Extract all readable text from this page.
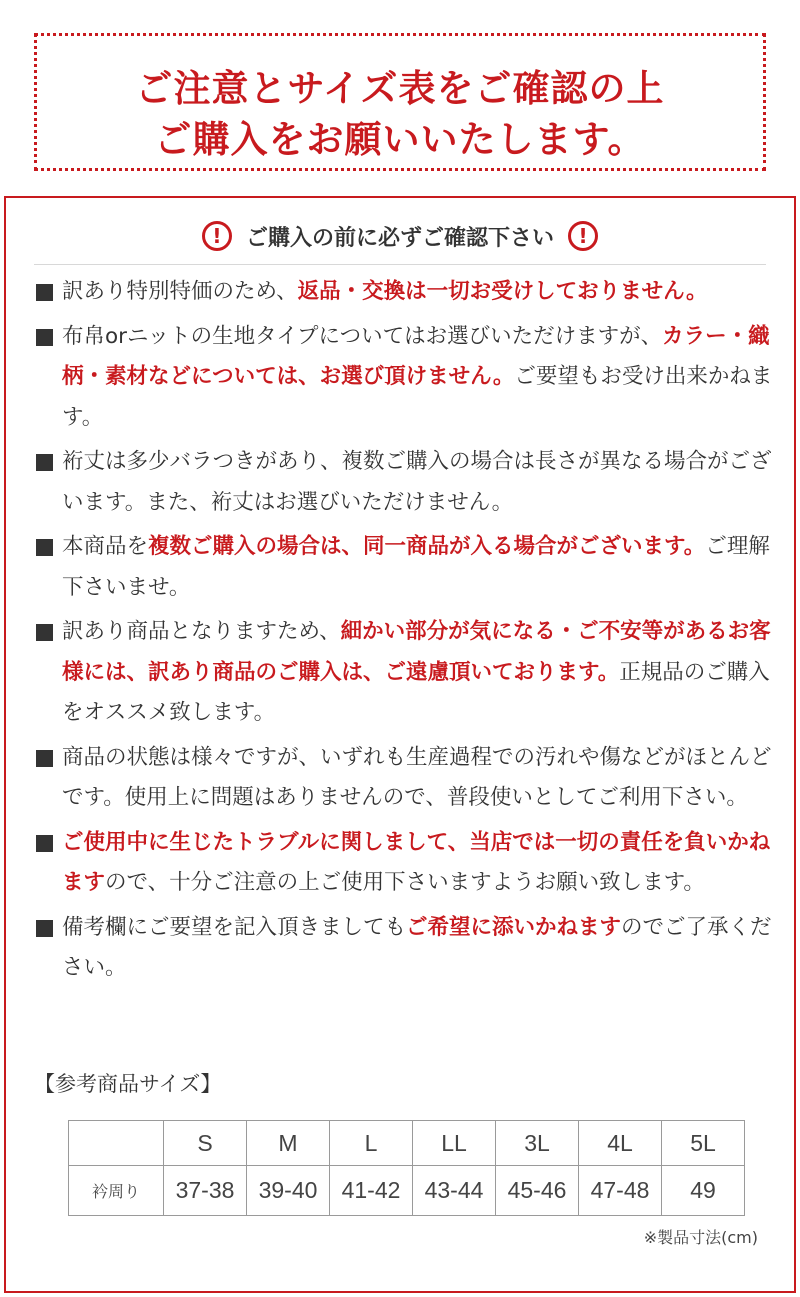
ご注意とサイズ表をご確認の上
ご購入をお願いいたします。
!	ご購入の前に必ずご確認下さい	!
訳あり特別特価のため、返品・交換は一切お受けしておりません。
布帛orニットの生地タイプについてはお選びいただけますが、カラー・織柄・素材などについては、お選び頂けません。ご要望もお受け出来かねます。
裄丈は多少バラつきがあり、複数ご購入の場合は長さが異なる場合がございます。また、裄丈はお選びいただけません。
本商品を複数ご購入の場合は、同一商品が入る場合がございます。ご理解下さいませ。
訳あり商品となりますため、細かい部分が気になる・ご不安等があるお客様には、訳あり商品のご購入は、ご遠慮頂いております。正規品のご購入をオススメ致します。
商品の状態は様々ですが、いずれも生産過程での汚れや傷などがほとんどです。使用上に問題はありませんので、普段使いとしてご利用下さい。
ご使用中に生じたトラブルに関しまして、当店では一切の責任を負いかねますので、十分ご注意の上ご使用下さいますようお願い致します。
備考欄にご要望を記入頂きましてもご希望に添いかねますのでご了承ください。
【参考商品サイズ】
	S	M	L	LL	3L	4L	5L
衿周り	37-38	39-40	41-42	43-44	45-46	47-48	49
※製品寸法(cm)
